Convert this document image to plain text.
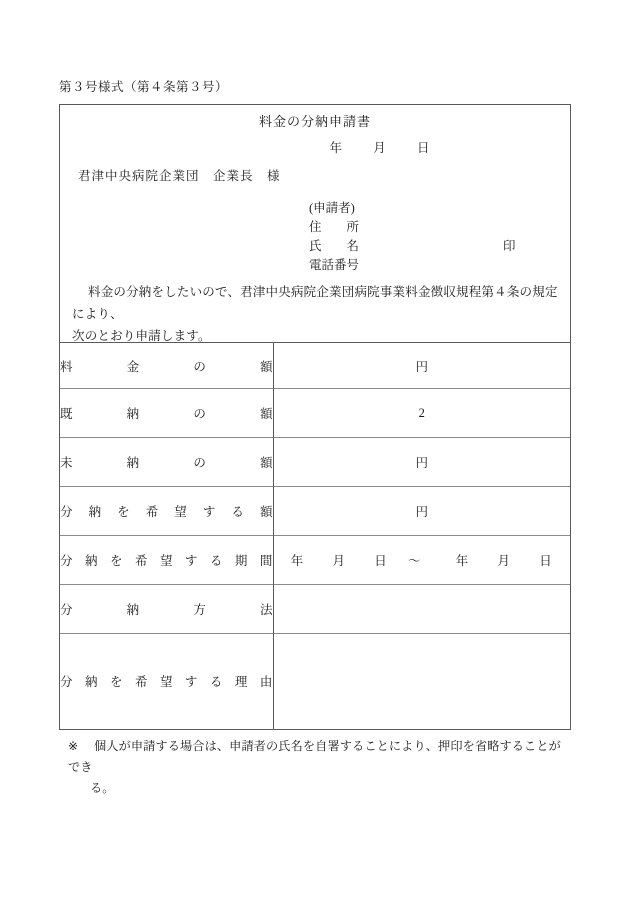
第３号様式（第４条第３号）
料金の分納申請書
年 月 日
君津中央病院企業団　企業長　様
(申請者)
住　　所
氏　　名	印
電話番号
料金の分納をしたいので、君津中央病院企業団病院事業料金徴収規程第４条の規定により、
次のとおり申請します。
料 金 の 額	円

既 納 の 額	2

未 納 の 額	円

分 納 を 希 望 す る 額	円

分 納 を 希 望 す る 期 間	年 月 日 ～	年 月 日

分 納 方 法	

分 納 を 希 望 す る 理 由

※ 個人が申請する場合は、申請者の氏名を自署することにより、押印を省略することができ
る。
